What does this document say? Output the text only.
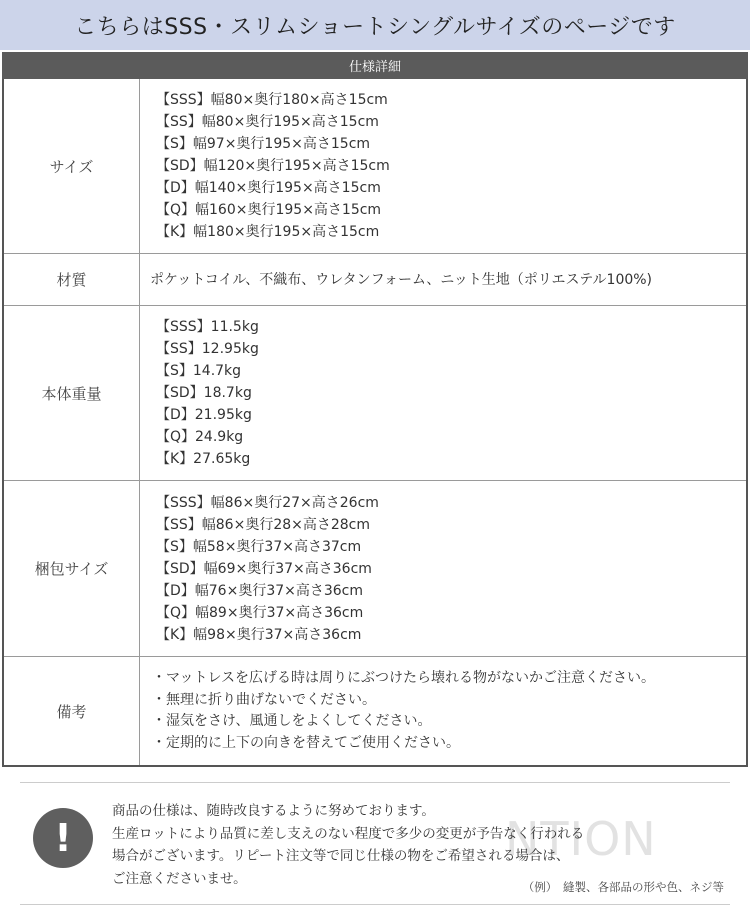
こちらはSSS・スリムショートシングルサイズのページです
仕様詳細
サイズ
【SSS】幅80×奥行180×高さ15cm
【SS】幅80×奥行195×高さ15cm
【S】幅97×奥行195×高さ15cm
【SD】幅120×奥行195×高さ15cm
【D】幅140×奥行195×高さ15cm
【Q】幅160×奥行195×高さ15cm
【K】幅180×奥行195×高さ15cm
材質	ポケットコイル、不織布、ウレタンフォーム、ニット生地（ポリエステル100%)
本体重量
【SSS】11.5kg
【SS】12.95kg
【S】14.7kg
【SD】18.7kg
【D】21.95kg
【Q】24.9kg
【K】27.65kg
梱包サイズ
【SSS】幅86×奥行27×高さ26cm
【SS】幅86×奥行28×高さ28cm
【S】幅58×奥行37×高さ37cm
【SD】幅69×奥行37×高さ36cm
【D】幅76×奥行37×高さ36cm
【Q】幅89×奥行37×高さ36cm
【K】幅98×奥行37×高さ36cm
備考
・マットレスを広げる時は周りにぶつけたら壊れる物がないかご注意ください。
・無理に折り曲げないでください。
・湿気をさけ、風通しをよくしてください。
・定期的に上下の向きを替えてご使用ください。
NTION
!
商品の仕様は、随時改良するように努めております。
生産ロットにより品質に差し支えのない程度で多少の変更が予告なく行われる
場合がございます。リピート注文等で同じ仕様の物をご希望される場合は、
ご注意くださいませ。
（例）　縫製、各部品の形や色、ネジ等
